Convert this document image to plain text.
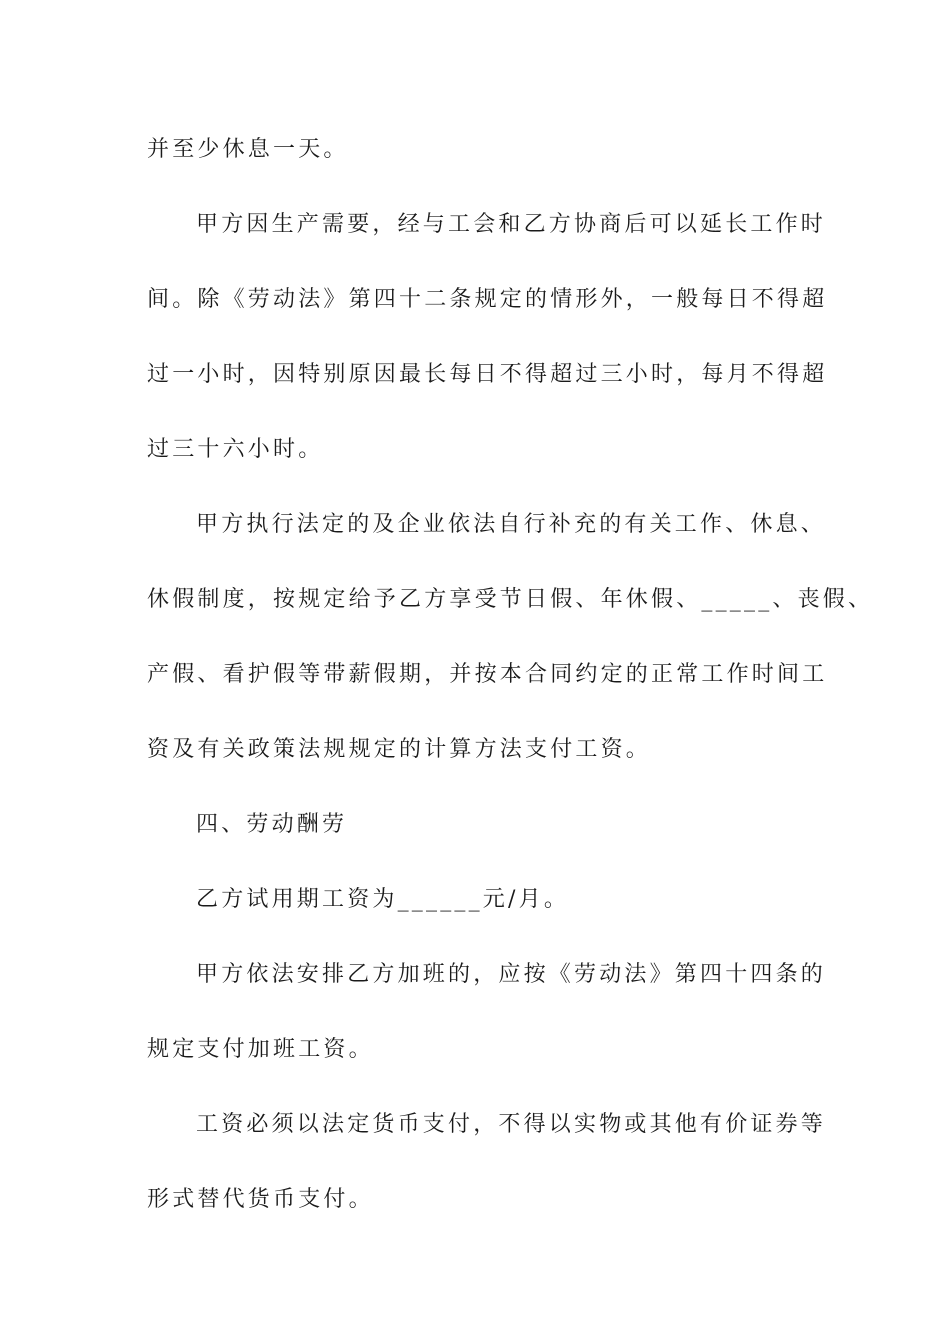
并至少休息一天。
甲方因生产需要，经与工会和乙方协商后可以延长工作时
间。除《劳动法》第四十二条规定的情形外，一般每日不得超
过一小时，因特别原因最长每日不得超过三小时，每月不得超
过三十六小时。
甲方执行法定的及企业依法自行补充的有关工作、休息、
休假制度，按规定给予乙方享受节日假、年休假、_____、丧假、
产假、看护假等带薪假期，并按本合同约定的正常工作时间工
资及有关政策法规规定的计算方法支付工资。
四、劳动酬劳
乙方试用期工资为______元/月。
甲方依法安排乙方加班的，应按《劳动法》第四十四条的
规定支付加班工资。
工资必须以法定货币支付，不得以实物或其他有价证券等
形式替代货币支付。
